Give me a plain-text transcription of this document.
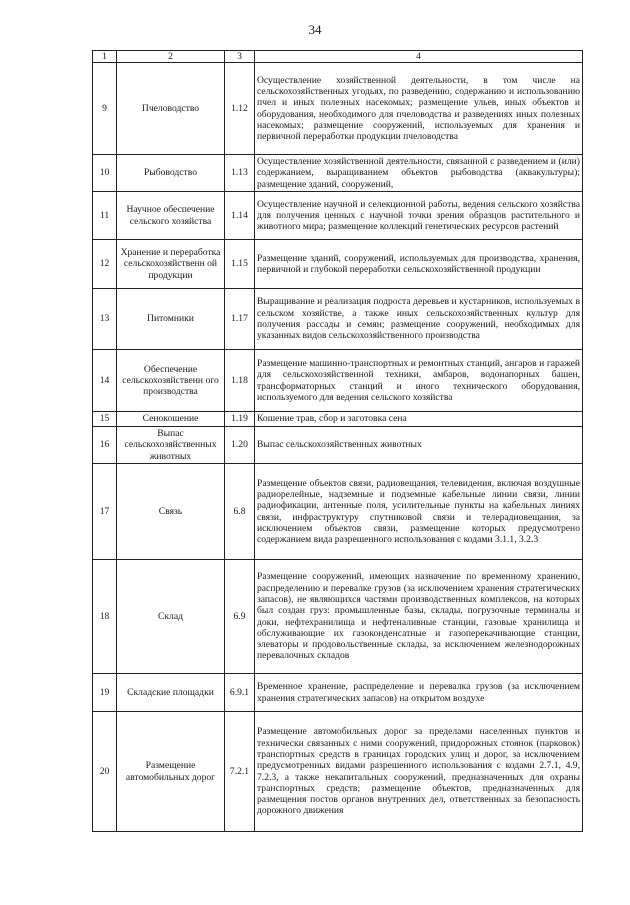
34
1	2	3	4
9	Пчеловодство	1.12	Осуществление хозяйственной деятельности, в том числе на сельскохозяйственных угодьях, по разведению, содержанию и использованию пчел и иных полезных насекомых; размещение ульев, иных объектов и оборудования, необходимого для пчеловодства и разведениях иных полезных насекомых; размещение сооружений, используемых для хранения и первичной переработки продукции пчеловодства
10	Рыбоводство	1.13	Осуществление хозяйственной деятельности, связанной с разведением и (или) содержанием, выращиванием объектов рыбоводства (аквакультуры); размещение зданий, сооружений,
11	Научное обеспечение сельского хозяйства	1.14	Осуществление научной и селекционной работы, ведения сельского хозяйства для получения ценных с научной точки зрения образцов растительного и животного мира; размещение коллекций генетических ресурсов растений
12	Хранение и переработка сельскохозяйственн ой продукции	1.15	Размещение зданий, сооружений, используемых для производства, хранения, первичной и глубокой переработки сельскохозяйственной продукции
13	Питомники	1.17	Выращивание и реализация подроста деревьев и кустарников, используемых в сельском хозяйстве, а также иных сельскохозяйственных культур для получения рассады и семян; размещение сооружений, необходимых для указанных видов сельскохозяйственного производства
14	Обеспечение сельскохозяйственн ого производства	1.18	Размещение машинно-транспортных и ремонтных станций, ангаров и гаражей для сельскохозяйственной техники, амбаров, водонапорных башен, трансформаторных станций и иного технического оборудования, используемого для ведения сельского хозяйства
15	Сенокошение	1.19	Кошение трав, сбор и заготовка сена
16	Выпас сельскохозяйственных животных	1.20	Выпас сельскохозяйственных животных
17	Связь	6.8	Размещение объектов связи, радиовещания, телевидения, включая воздушные радиорелейные, надземные и подземные кабельные линии связи, линии радиофикации, антенные поля, усилительные пункты на кабельных линиях связи, инфраструктуру спутниковой связи и телерадиовещания, за исключением объектов связи, размещение которых предусмотрено содержанием вида разрешенного использования с кодами 3.1.1, 3.2.3
18	Склад	6.9	Размещение сооружений, имеющих назначение по временному хранению, распределению и перевалке грузов (за исключением хранения стратегических запасов), не являющихся частями производственных комплексов, на которых был создан груз: промышленные базы, склады, погрузочные терминалы и доки, нефтехранилища и нефтеналивные станции, газовые хранилища и обслуживающие их газоконденсатные и газоперекачивающие станции, элеваторы и продовольственные склады, за исключением железнодорожных перевалочных складов
19	Складские площадки	6.9.1	Временное хранение, распределение и перевалка грузов (за исключением хранения стратегических запасов) на открытом воздухе
20	Размещение автомобильных дорог	7.2.1	Размещение автомобильных дорог за пределами населенных пунктов и технически связанных с ними сооружений, придорожных стоянок (парковок) транспортных средств в границах городских улиц и дорог, за исключением предусмотренных видами разрешенного использования с кодами 2.7.1, 4.9, 7.2.3, а также некапитальных сооружений, предназначенных для охраны транспортных средств; размещение объектов, предназначенных для размещения постов органов внутренних дел, ответственных за безопасность дорожного движения
